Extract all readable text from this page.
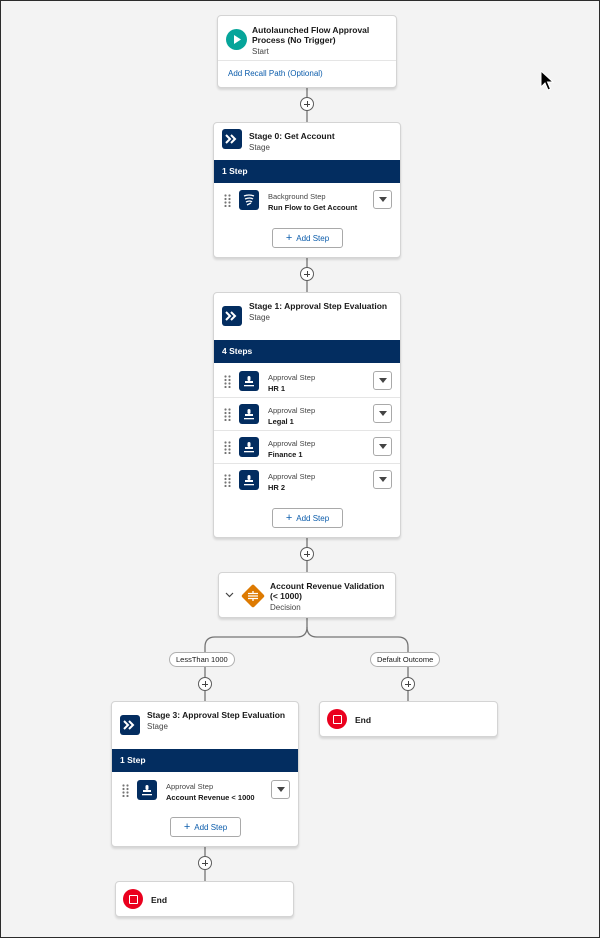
Autolaunched Flow Approval Process (No Trigger)
Start
Add Recall Path (Optional)
Stage 0: Get Account
Stage
1 Step
Background Step
Run Flow to Get Account
+ Add Step
Stage 1: Approval Step Evaluation
Stage
4 Steps
Approval Step
HR 1
Approval Step
Legal 1
Approval Step
Finance 1
Approval Step
HR 2
+ Add Step
Account Revenue Validation (< 1000)
Decision
LessThan 1000	Default Outcome
Stage 3: Approval Step Evaluation
Stage
1 Step
Approval Step
Account Revenue < 1000
+ Add Step
End
End
